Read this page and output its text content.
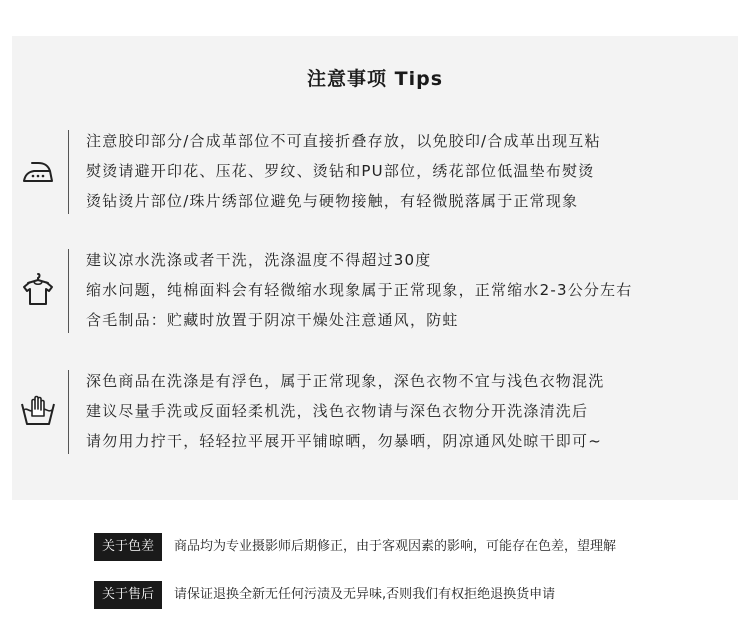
注意事项 Tips
注意胶印部分/合成革部位不可直接折叠存放，以免胶印/合成革出现互粘
熨烫请避开印花、压花、罗纹、烫钻和PU部位，绣花部位低温垫布熨烫
烫钻烫片部位/珠片绣部位避免与硬物接触，有轻微脱落属于正常现象
建议凉水洗涤或者干洗，洗涤温度不得超过30度
缩水问题，纯棉面料会有轻微缩水现象属于正常现象，正常缩水2-3公分左右
含毛制品：贮藏时放置于阴凉干燥处注意通风，防蛀
深色商品在洗涤是有浮色，属于正常现象，深色衣物不宜与浅色衣物混洗
建议尽量手洗或反面轻柔机洗，浅色衣物请与深色衣物分开洗涤清洗后
请勿用力拧干，轻轻拉平展开平铺晾晒，勿暴晒，阴凉通风处晾干即可~
关于色差	商品均为专业摄影师后期修正，由于客观因素的影响，可能存在色差，望理解
关于售后	请保证退换全新无任何污渍及无异味,否则我们有权拒绝退换货申请
